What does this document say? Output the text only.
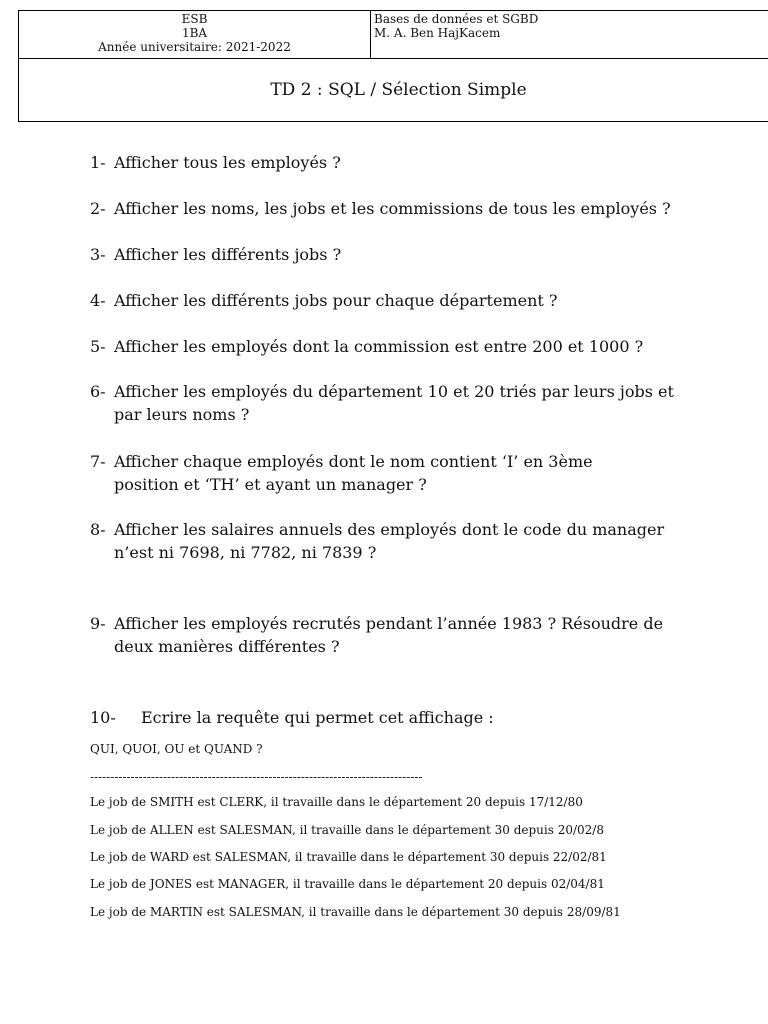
ESB
1BA
Année universitaire: 2021-2022
Bases de données et SGBD
M. A. Ben HajKacem
TD 2 : SQL / Sélection Simple
1- Afficher tous les employés ?
2- Afficher les noms, les jobs et les commissions de tous les employés ?
3- Afficher les différents jobs ?
4- Afficher les différents jobs pour chaque département ?
5- Afficher les employés dont la commission est entre 200 et 1000 ?
6- Afficher les employés du département 10 et 20 triés par leurs jobs et par leurs noms ?
7- Afficher chaque employés dont le nom contient ‘I’ en 3ème position et ‘TH’ et ayant un manager ?
8- Afficher les salaires annuels des employés dont le code du manager n’est ni 7698, ni 7782, ni 7839 ?
9- Afficher les employés recrutés pendant l’année 1983 ? Résoudre de deux manières différentes ?
10- Ecrire la requête qui permet cet affichage :
QUI, QUOI, OU et QUAND ?
----------------------------------------------------------------------------------
Le job de SMITH est CLERK, il travaille dans le département 20 depuis 17/12/80
Le job de ALLEN est SALESMAN, il travaille dans le département 30 depuis 20/02/8
Le job de WARD est SALESMAN, il travaille dans le département 30 depuis 22/02/81
Le job de JONES est MANAGER, il travaille dans le département 20 depuis 02/04/81
Le job de MARTIN est SALESMAN, il travaille dans le département 30 depuis 28/09/81
